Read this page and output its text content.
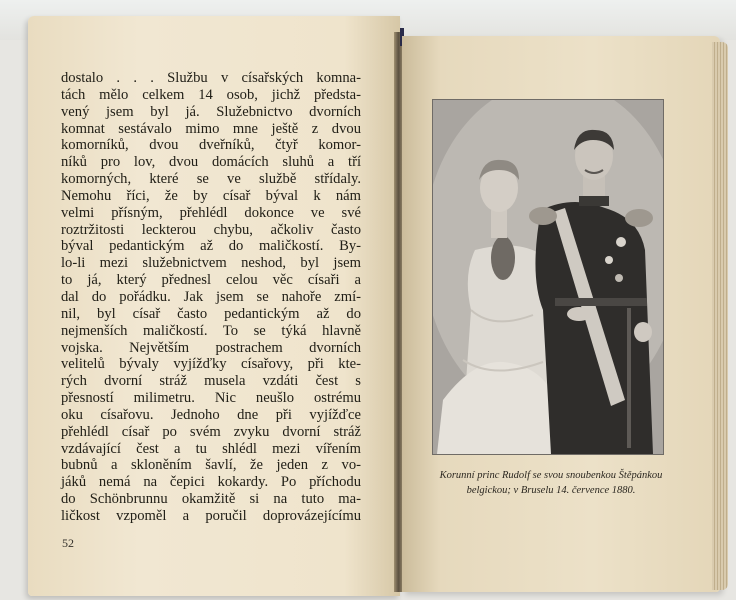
dostalo . . . Službu v císařských komna-
tách mělo celkem 14 osob, jichž předsta-
vený jsem byl já. Služebnictvo dvorních
komnat sestávalo mimo mne ještě z dvou
komorníků, dvou dveřníků, čtyř komor-
níků pro lov, dvou domácích sluhů a tří
komorných, které se ve službě střídaly.
Nemohu říci, že by císař býval k nám
velmi přísným, přehlédl dokonce ve své
roztržitosti leckterou chybu, ačkoliv často
býval pedantickým až do maličkostí. By-
lo-li mezi služebnictvem neshod, byl jsem
to já, který přednesl celou věc císaři a
dal do pořádku. Jak jsem se nahoře zmí-
nil, byl císař často pedantickým až do
nejmenších maličkostí. To se týká hlavně
vojska. Největším postrachem dvorních
velitelů bývaly vyjížďky císařovy, při kte-
rých dvorní stráž musela vzdáti čest s
přesností milimetru. Nic neušlo ostrému
oku císařovu. Jednoho dne při vyjížďce
přehlédl císař po svém zvyku dvorní stráž
vzdávající čest a tu shlédl mezi vířením
bubnů a skloněním šavlí, že jeden z vo-
jáků nemá na čepici kokardy. Po příchodu
do Schönbrunnu okamžitě si na tuto ma-
ličkost vzpoměl a poručil doprovázejícímu
52
Korunní princ Rudolf se svou snoubenkou Štěpánkou
belgickou; v Bruselu 14. července 1880.
